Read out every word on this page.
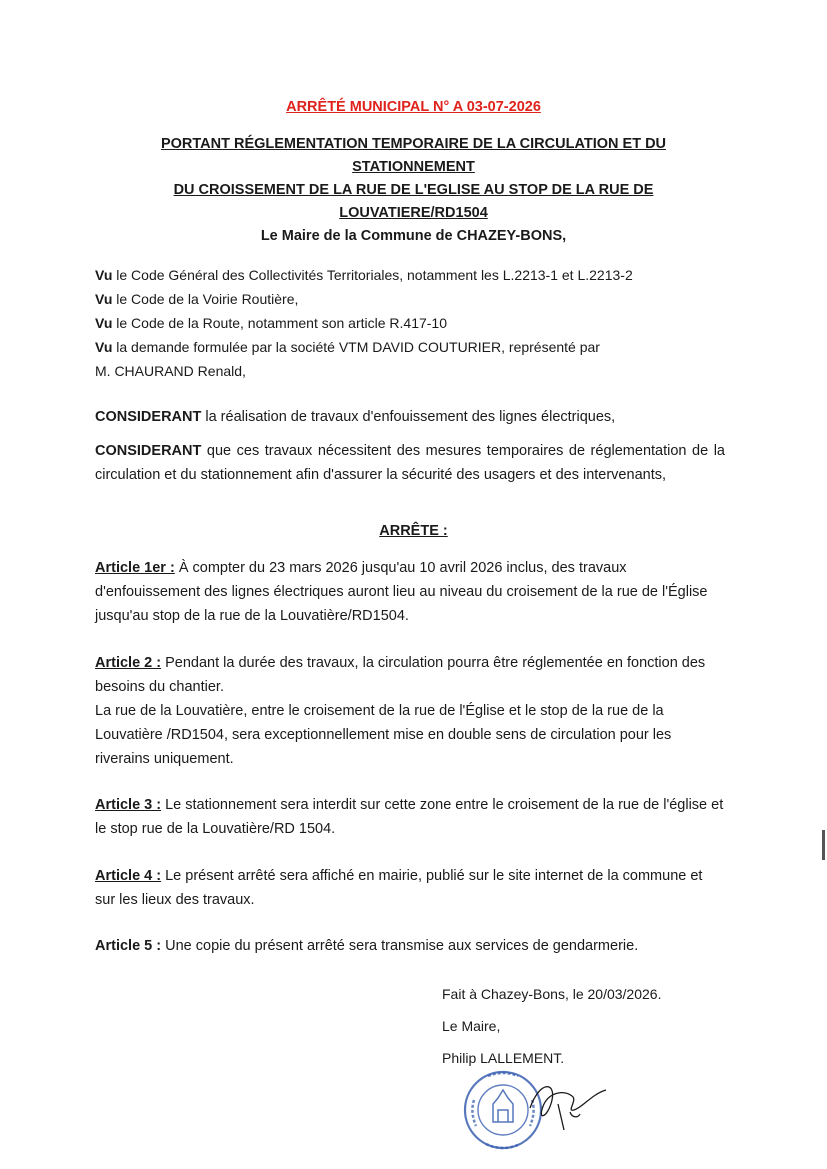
ARRÊTÉ MUNICIPAL N° A 03-07-2026
PORTANT RÉGLEMENTATION TEMPORAIRE DE LA CIRCULATION ET DU
STATIONNEMENT
DU CROISSEMENT DE LA RUE DE L'EGLISE AU STOP DE LA RUE DE
LOUVATIERE/RD1504
Le Maire de la Commune de CHAZEY-BONS,
Vu le Code Général des Collectivités Territoriales, notamment les L.2213-1 et L.2213-2
Vu le Code de la Voirie Routière,
Vu le Code de la Route, notamment son article R.417-10
Vu la demande formulée par la société VTM DAVID COUTURIER, représenté par
M. CHAURAND Renald,
CONSIDERANT la réalisation de travaux d'enfouissement des lignes électriques,
CONSIDERANT que ces travaux nécessitent des mesures temporaires de réglementation de la circulation et du stationnement afin d'assurer la sécurité des usagers et des intervenants,
ARRÊTE :
Article 1er : À compter du 23 mars 2026 jusqu'au 10 avril 2026 inclus, des travaux d'enfouissement des lignes électriques auront lieu au niveau du croisement de la rue de l'Église jusqu'au stop de la rue de la Louvatière/RD1504.
Article 2 : Pendant la durée des travaux, la circulation pourra être réglementée en fonction des besoins du chantier.
La rue de la Louvatière, entre le croisement de la rue de l'Église et le stop de la rue de la Louvatière /RD1504, sera exceptionnellement mise en double sens de circulation pour les riverains uniquement.
Article 3 : Le stationnement sera interdit sur cette zone entre le croisement de la rue de l'église et le stop rue de la Louvatière/RD 1504.
Article 4 : Le présent arrêté sera affiché en mairie, publié sur le site internet de la commune et sur les lieux des travaux.
Article 5 : Une copie du présent arrêté sera transmise aux services de gendarmerie.
Fait à Chazey-Bons, le 20/03/2026.
Le Maire,
Philip LALLEMENT.
